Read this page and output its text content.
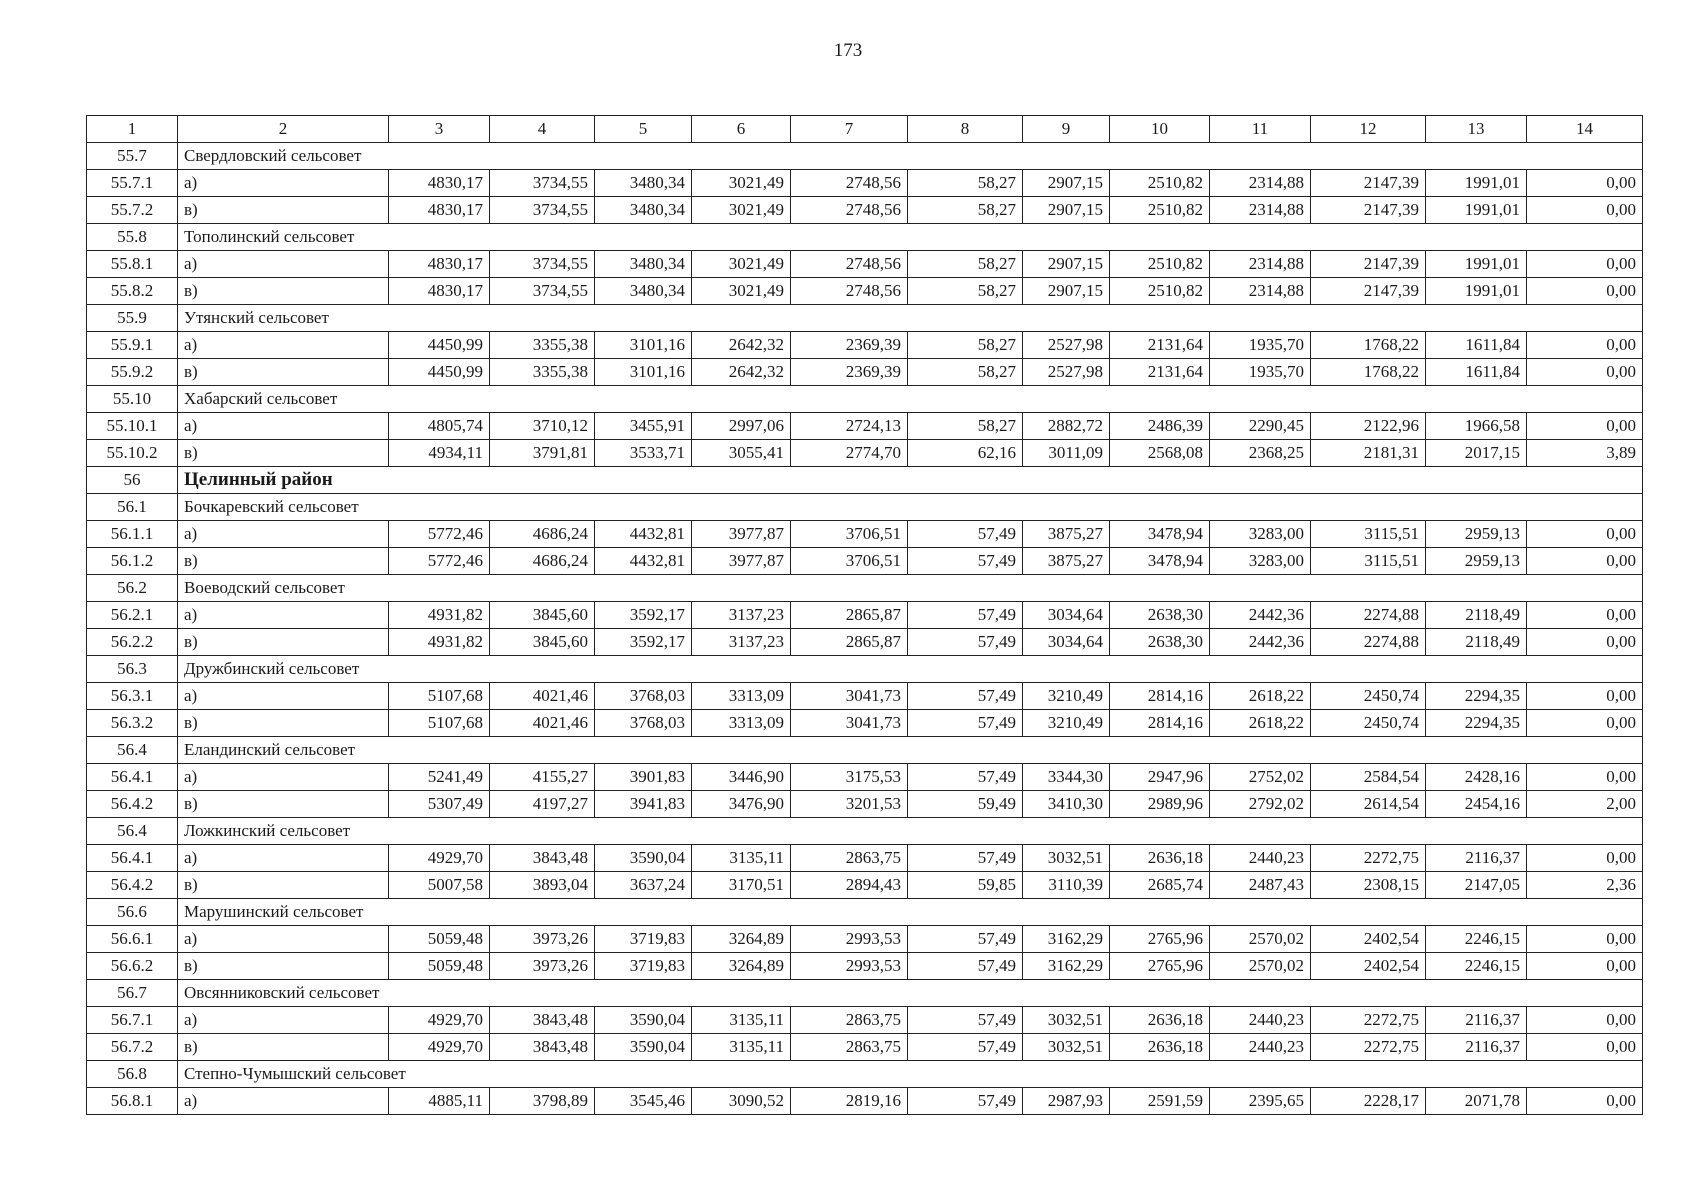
173
1	2	3	4	5	6	7	8	9	10	11	12	13	14
55.7	Свердловский сельсовет												
55.7.1	а)	4830,17	3734,55	3480,34	3021,49	2748,56	58,27	2907,15	2510,82	2314,88	2147,39	1991,01	0,00
55.7.2	в)	4830,17	3734,55	3480,34	3021,49	2748,56	58,27	2907,15	2510,82	2314,88	2147,39	1991,01	0,00
55.8	Тополинский сельсовет												
55.8.1	а)	4830,17	3734,55	3480,34	3021,49	2748,56	58,27	2907,15	2510,82	2314,88	2147,39	1991,01	0,00
55.8.2	в)	4830,17	3734,55	3480,34	3021,49	2748,56	58,27	2907,15	2510,82	2314,88	2147,39	1991,01	0,00
55.9	Утянский сельсовет												
55.9.1	а)	4450,99	3355,38	3101,16	2642,32	2369,39	58,27	2527,98	2131,64	1935,70	1768,22	1611,84	0,00
55.9.2	в)	4450,99	3355,38	3101,16	2642,32	2369,39	58,27	2527,98	2131,64	1935,70	1768,22	1611,84	0,00
55.10	Хабарский сельсовет												
55.10.1	а)	4805,74	3710,12	3455,91	2997,06	2724,13	58,27	2882,72	2486,39	2290,45	2122,96	1966,58	0,00
55.10.2	в)	4934,11	3791,81	3533,71	3055,41	2774,70	62,16	3011,09	2568,08	2368,25	2181,31	2017,15	3,89
56	Целинный район												
56.1	Бочкаревский сельсовет												
56.1.1	а)	5772,46	4686,24	4432,81	3977,87	3706,51	57,49	3875,27	3478,94	3283,00	3115,51	2959,13	0,00
56.1.2	в)	5772,46	4686,24	4432,81	3977,87	3706,51	57,49	3875,27	3478,94	3283,00	3115,51	2959,13	0,00
56.2	Воеводский сельсовет												
56.2.1	а)	4931,82	3845,60	3592,17	3137,23	2865,87	57,49	3034,64	2638,30	2442,36	2274,88	2118,49	0,00
56.2.2	в)	4931,82	3845,60	3592,17	3137,23	2865,87	57,49	3034,64	2638,30	2442,36	2274,88	2118,49	0,00
56.3	Дружбинский сельсовет												
56.3.1	а)	5107,68	4021,46	3768,03	3313,09	3041,73	57,49	3210,49	2814,16	2618,22	2450,74	2294,35	0,00
56.3.2	в)	5107,68	4021,46	3768,03	3313,09	3041,73	57,49	3210,49	2814,16	2618,22	2450,74	2294,35	0,00
56.4	Еландинский сельсовет												
56.4.1	а)	5241,49	4155,27	3901,83	3446,90	3175,53	57,49	3344,30	2947,96	2752,02	2584,54	2428,16	0,00
56.4.2	в)	5307,49	4197,27	3941,83	3476,90	3201,53	59,49	3410,30	2989,96	2792,02	2614,54	2454,16	2,00
56.4	Ложкинский сельсовет												
56.4.1	а)	4929,70	3843,48	3590,04	3135,11	2863,75	57,49	3032,51	2636,18	2440,23	2272,75	2116,37	0,00
56.4.2	в)	5007,58	3893,04	3637,24	3170,51	2894,43	59,85	3110,39	2685,74	2487,43	2308,15	2147,05	2,36
56.6	Марушинский сельсовет												
56.6.1	а)	5059,48	3973,26	3719,83	3264,89	2993,53	57,49	3162,29	2765,96	2570,02	2402,54	2246,15	0,00
56.6.2	в)	5059,48	3973,26	3719,83	3264,89	2993,53	57,49	3162,29	2765,96	2570,02	2402,54	2246,15	0,00
56.7	Овсянниковский сельсовет												
56.7.1	а)	4929,70	3843,48	3590,04	3135,11	2863,75	57,49	3032,51	2636,18	2440,23	2272,75	2116,37	0,00
56.7.2	в)	4929,70	3843,48	3590,04	3135,11	2863,75	57,49	3032,51	2636,18	2440,23	2272,75	2116,37	0,00
56.8	Степно-Чумышский сельсовет												
56.8.1	а)	4885,11	3798,89	3545,46	3090,52	2819,16	57,49	2987,93	2591,59	2395,65	2228,17	2071,78	0,00
